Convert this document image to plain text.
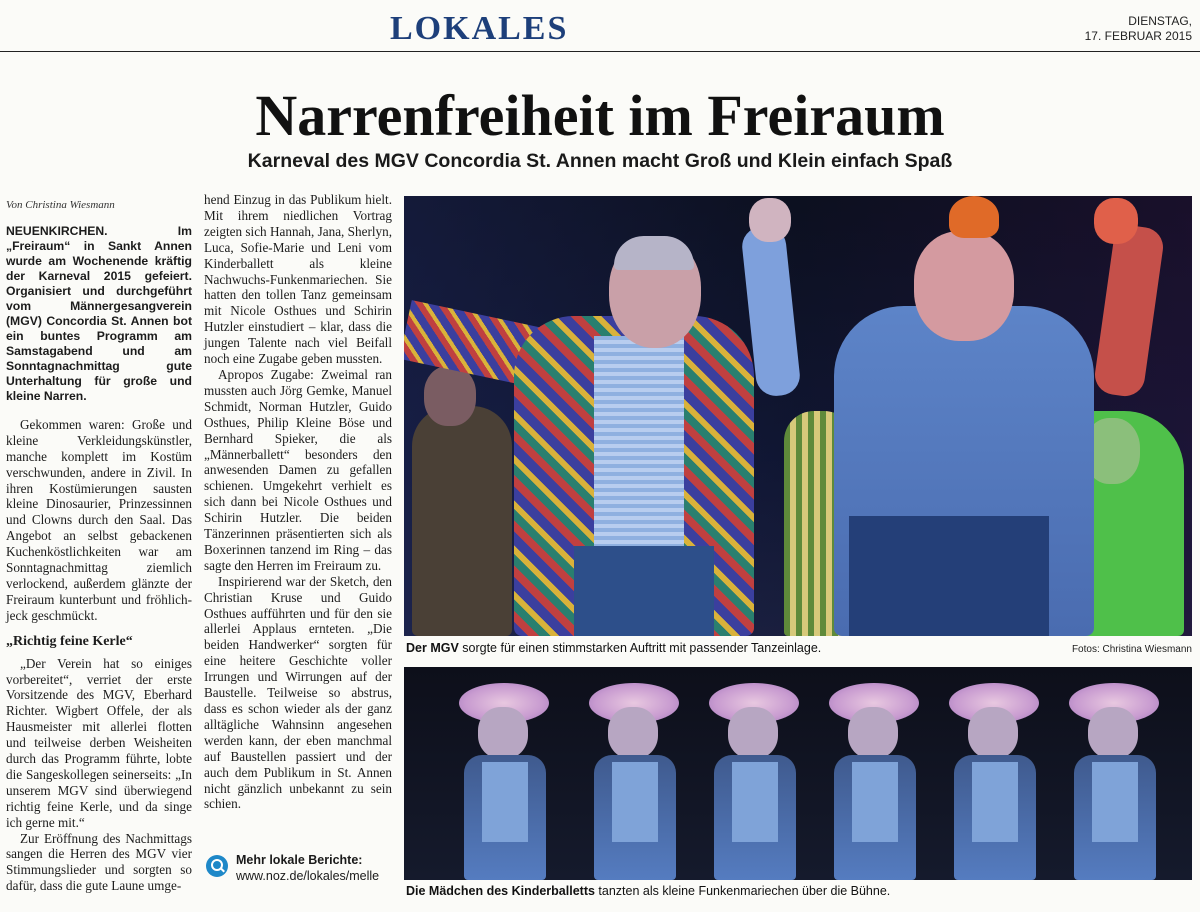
LOKALES	DIENSTAG,
17. FEBRUAR 2015
Narrenfreiheit im Freiraum
Karneval des MGV Concordia St. Annen macht Groß und Klein einfach Spaß
Von Christina Wiesmann

NEUENKIRCHEN. Im „Freiraum“ in Sankt Annen wurde am Wochenende kräftig der Karneval 2015 gefeiert. Organisiert und durchgeführt vom Männergesangverein (MGV) Concordia St. Annen bot ein buntes Programm am Samstagabend und am Sonntagnachmittag gute Unterhaltung für große und kleine Narren.

Gekommen waren: Große und kleine Verkleidungskünstler, manche komplett im Kostüm verschwunden, andere in Zivil. In ihren Kostümierungen sausten kleine Dinosaurier, Prinzessinnen und Clowns durch den Saal. Das Angebot an selbst gebackenen Kuchenköstlichkeiten war am Sonntagnachmittag ziemlich verlockend, außerdem glänzte der Freiraum kunterbunt und fröhlich-jeck geschmückt.

„Richtig feine Kerle“

„Der Verein hat so einiges vorbereitet“, verriet der erste Vorsitzende des MGV, Eberhard Richter. Wigbert Offele, der als Hausmeister mit allerlei flotten und teilweise derben Weisheiten durch das Programm führte, lobte die Sangeskollegen seinerseits: „In unserem MGV sind überwiegend richtig feine Kerle, und da singe ich gerne mit.“

Zur Eröffnung des Nachmittags sangen die Herren des MGV vier Stimmungslieder und sorgten so dafür, dass die gute Laune umge-

hend Einzug in das Publikum hielt. Mit ihrem niedlichen Vortrag zeigten sich Hannah, Jana, Sherlyn, Luca, Sofie-Marie und Leni vom Kinderballett als kleine Nachwuchs-Funkenmariechen. Sie hatten den tollen Tanz gemeinsam mit Nicole Osthues und Schirin Hutzler einstudiert – klar, dass die jungen Talente nach viel Beifall noch eine Zugabe geben mussten.

Apropos Zugabe: Zweimal ran mussten auch Jörg Gemke, Manuel Schmidt, Norman Hutzler, Guido Osthues, Philip Kleine Böse und Bernhard Spieker, die als „Männerballett“ besonders den anwesenden Damen zu gefallen schienen. Umgekehrt verhielt es sich dann bei Nicole Osthues und Schirin Hutzler. Die beiden Tänzerinnen präsentierten sich als Boxerinnen tanzend im Ring – das sagte den Herren im Freiraum zu.

Inspirierend war der Sketch, den Christian Kruse und Guido Osthues aufführten und für den sie allerlei Applaus ernteten. „Die beiden Handwerker“ sorgten für eine heitere Geschichte voller Irrungen und Wirrungen auf der Baustelle. Teilweise so abstrus, dass es schon wieder als der ganz alltägliche Wahnsinn angesehen werden kann, der eben manchmal auf Baustellen passiert und der auch dem Publikum in St. Annen nicht gänzlich unbekannt zu sein schien.

Mehr lokale Berichte:
www.noz.de/lokales/melle
Der MGV sorgte für einen stimmstarken Auftritt mit passender Tanzeinlage.	Fotos: Christina Wiesmann
Die Mädchen des Kinderballetts tanzten als kleine Funkenmariechen über die Bühne.
